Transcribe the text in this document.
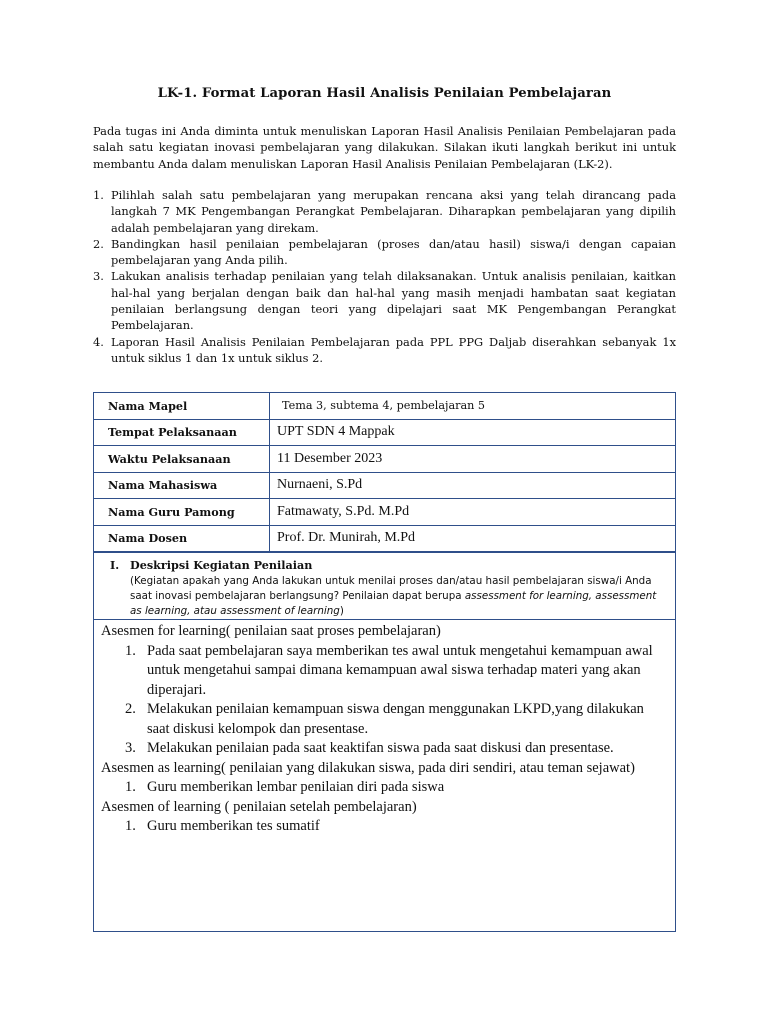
LK-1. Format Laporan Hasil Analisis Penilaian Pembelajaran

Pada tugas ini Anda diminta untuk menuliskan Laporan Hasil Analisis Penilaian Pembelajaran pada salah satu kegiatan inovasi pembelajaran yang dilakukan. Silakan ikuti langkah berikut ini untuk membantu Anda dalam menuliskan Laporan Hasil Analisis Penilaian Pembelajaran (LK-2).

1. Pilihlah salah satu pembelajaran yang merupakan rencana aksi yang telah dirancang pada langkah 7 MK Pengembangan Perangkat Pembelajaran. Diharapkan pembelajaran yang dipilih adalah pembelajaran yang direkam.
2. Bandingkan hasil penilaian pembelajaran (proses dan/atau hasil) siswa/i dengan capaian pembelajaran yang Anda pilih.
3. Lakukan analisis terhadap penilaian yang telah dilaksanakan. Untuk analisis penilaian, kaitkan hal-hal yang berjalan dengan baik dan hal-hal yang masih menjadi hambatan saat kegiatan penilaian berlangsung dengan teori yang dipelajari saat MK Pengembangan Perangkat Pembelajaran.
4. Laporan Hasil Analisis Penilaian Pembelajaran pada PPL PPG Daljab diserahkan sebanyak 1x untuk siklus 1 dan 1x untuk siklus 2.
Nama Mapel	Tema 3, subtema 4, pembelajaran 5
Tempat Pelaksanaan	UPT SDN 4 Mappak
Waktu Pelaksanaan	11 Desember 2023
Nama Mahasiswa	Nurnaeni, S.Pd
Nama Guru Pamong	Fatmawaty, S.Pd. M.Pd
Nama Dosen	Prof. Dr. Munirah, M.Pd
I. Deskripsi Kegiatan Penilaian
(Kegiatan apakah yang Anda lakukan untuk menilai proses dan/atau hasil pembelajaran siswa/i Anda saat inovasi pembelajaran berlangsung? Penilaian dapat berupa assessment for learning, assessment as learning, atau assessment of learning)

Asesmen for learning( penilaian saat proses pembelajaran)

1. Pada saat pembelajaran saya memberikan tes awal untuk mengetahui kemampuan awal untuk mengetahui sampai dimana kemampuan awal siswa terhadap materi yang akan diperajari.
2. Melakukan penilaian kemampuan siswa dengan menggunakan LKPD,yang dilakukan saat diskusi kelompok dan presentase.
3. Melakukan penilaian pada saat keaktifan siswa pada saat diskusi dan presentase.

Asesmen as learning( penilaian yang dilakukan siswa, pada diri sendiri, atau teman sejawat)

1. Guru memberikan lembar penilaian diri pada siswa

Asesmen of learning ( penilaian setelah pembelajaran)

1. Guru memberikan tes sumatif
